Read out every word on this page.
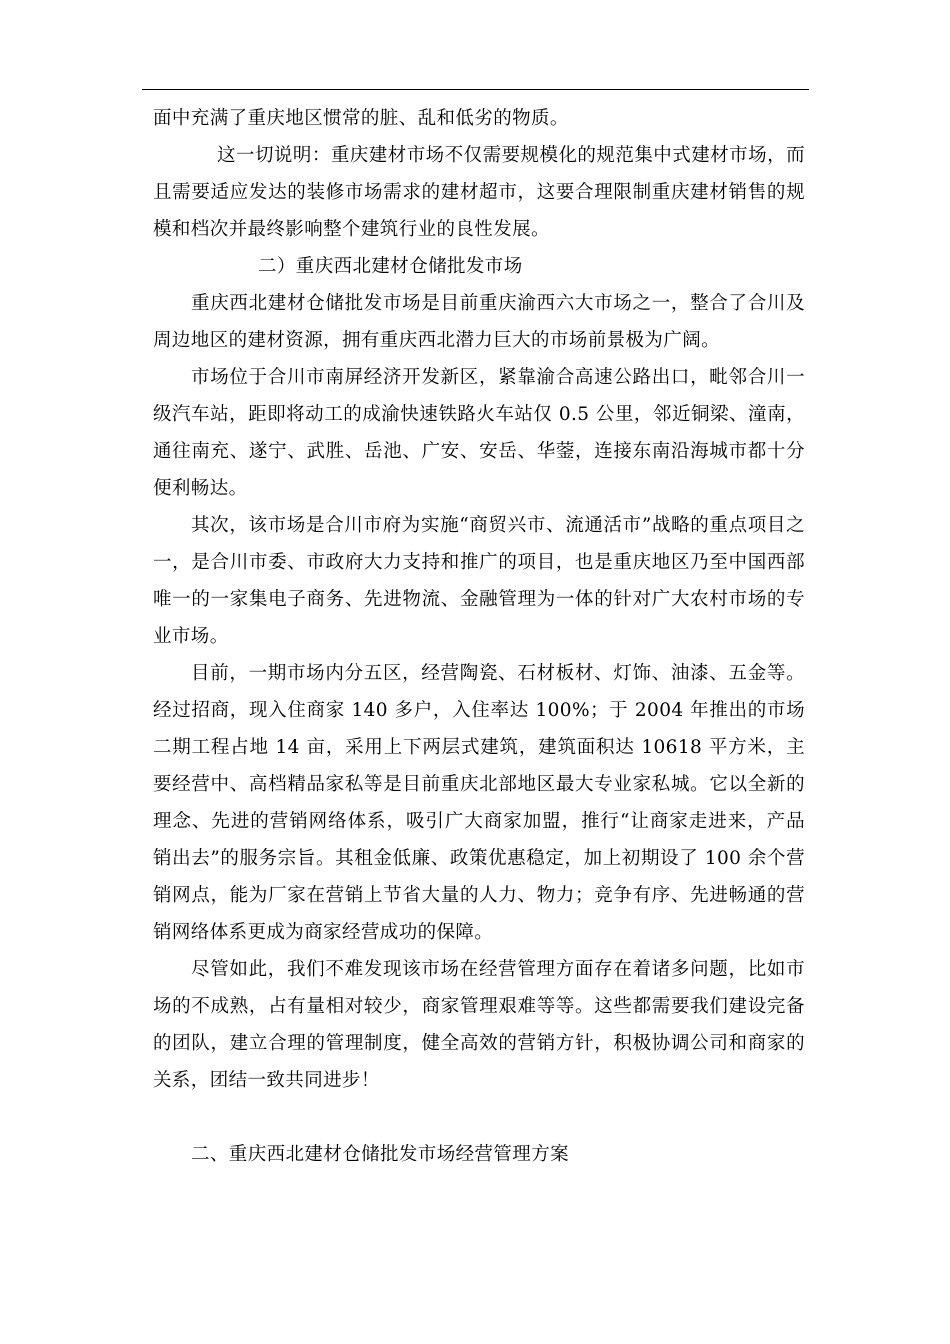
面中充满了重庆地区惯常的脏、乱和低劣的物质。

这一切说明：重庆建材市场不仅需要规模化的规范集中式建材市场，而且需要适应发达的装修市场需求的建材超市，这要合理限制重庆建材销售的规模和档次并最终影响整个建筑行业的良性发展。

二）重庆西北建材仓储批发市场

重庆西北建材仓储批发市场是目前重庆渝西六大市场之一，整合了合川及周边地区的建材资源，拥有重庆西北潜力巨大的市场前景极为广阔。

市场位于合川市南屏经济开发新区，紧靠渝合高速公路出口，毗邻合川一级汽车站，距即将动工的成渝快速铁路火车站仅 0.5 公里，邻近铜梁、潼南，通往南充、遂宁、武胜、岳池、广安、安岳、华蓥，连接东南沿海城市都十分便利畅达。

其次，该市场是合川市府为实施“商贸兴市、流通活市”战略的重点项目之一，是合川市委、市政府大力支持和推广的项目，也是重庆地区乃至中国西部唯一的一家集电子商务、先进物流、金融管理为一体的针对广大农村市场的专业市场。

目前，一期市场内分五区，经营陶瓷、石材板材、灯饰、油漆、五金等。经过招商，现入住商家 140 多户，入住率达 100%；于 2004 年推出的市场二期工程占地 14 亩，采用上下两层式建筑，建筑面积达 10618 平方米，主要经营中、高档精品家私等是目前重庆北部地区最大专业家私城。它以全新的理念、先进的营销网络体系，吸引广大商家加盟，推行“让商家走进来，产品销出去”的服务宗旨。其租金低廉、政策优惠稳定，加上初期设了 100 余个营销网点，能为厂家在营销上节省大量的人力、物力；竞争有序、先进畅通的营销网络体系更成为商家经营成功的保障。

尽管如此，我们不难发现该市场在经营管理方面存在着诸多问题，比如市场的不成熟，占有量相对较少，商家管理艰难等等。这些都需要我们建设完备的团队，建立合理的管理制度，健全高效的营销方针，积极协调公司和商家的关系，团结一致共同进步！

二、重庆西北建材仓储批发市场经营管理方案
